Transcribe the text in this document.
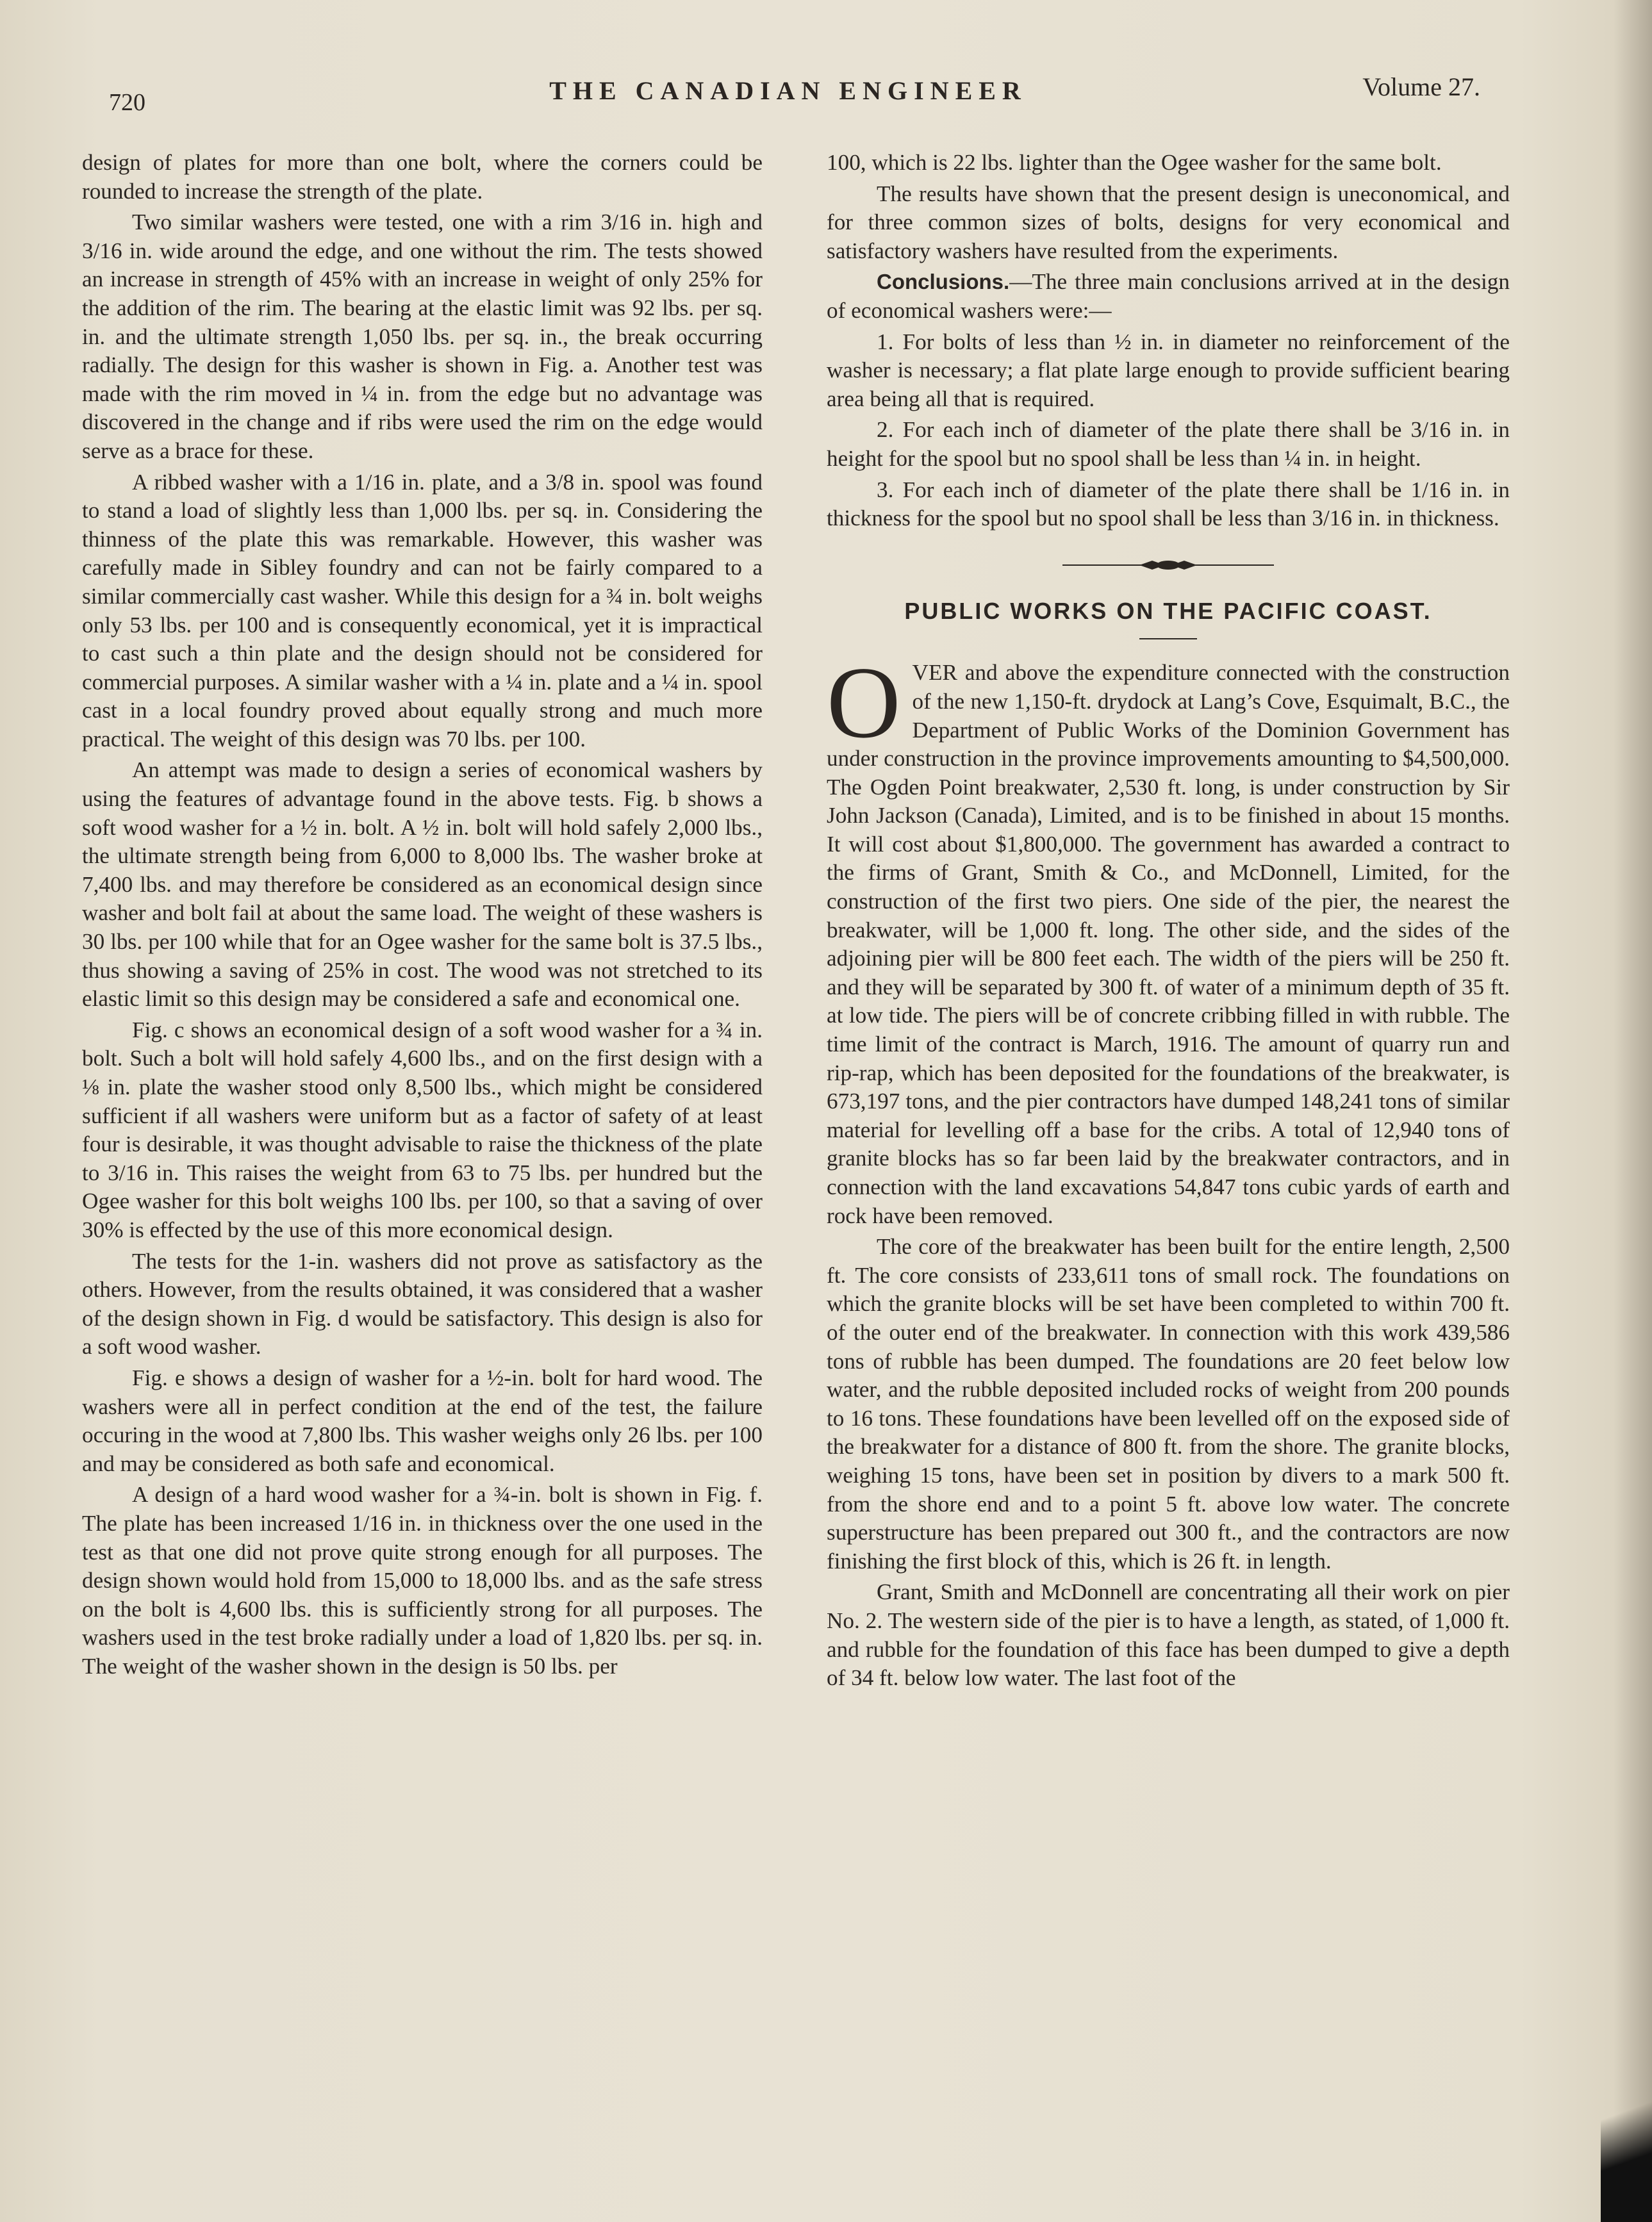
720	THE CANADIAN ENGINEER	Volume 27.

design of plates for more than one bolt, where the corners could be rounded to increase the strength of the plate.

Two similar washers were tested, one with a rim 3/16 in. high and 3/16 in. wide around the edge, and one without the rim. The tests showed an increase in strength of 45% with an increase in weight of only 25% for the addition of the rim. The bearing at the elastic limit was 92 lbs. per sq. in. and the ultimate strength 1,050 lbs. per sq. in., the break occurring radially. The design for this washer is shown in Fig. a. Another test was made with the rim moved in ¼ in. from the edge but no advantage was discovered in the change and if ribs were used the rim on the edge would serve as a brace for these.

A ribbed washer with a 1/16 in. plate, and a 3/8 in. spool was found to stand a load of slightly less than 1,000 lbs. per sq. in. Considering the thinness of the plate this was remarkable. However, this washer was carefully made in Sibley foundry and can not be fairly compared to a similar commercially cast washer. While this design for a ¾ in. bolt weighs only 53 lbs. per 100 and is consequently economical, yet it is impractical to cast such a thin plate and the design should not be considered for commercial purposes. A similar washer with a ¼ in. plate and a ¼ in. spool cast in a local foundry proved about equally strong and much more practical. The weight of this design was 70 lbs. per 100.

An attempt was made to design a series of economical washers by using the features of advantage found in the above tests. Fig. b shows a soft wood washer for a ½ in. bolt. A ½ in. bolt will hold safely 2,000 lbs., the ultimate strength being from 6,000 to 8,000 lbs. The washer broke at 7,400 lbs. and may therefore be considered as an economical design since washer and bolt fail at about the same load. The weight of these washers is 30 lbs. per 100 while that for an Ogee washer for the same bolt is 37.5 lbs., thus showing a saving of 25% in cost. The wood was not stretched to its elastic limit so this design may be considered a safe and economical one.

Fig. c shows an economical design of a soft wood washer for a ¾ in. bolt. Such a bolt will hold safely 4,600 lbs., and on the first design with a ⅛ in. plate the washer stood only 8,500 lbs., which might be considered sufficient if all washers were uniform but as a factor of safety of at least four is desirable, it was thought advisable to raise the thickness of the plate to 3/16 in. This raises the weight from 63 to 75 lbs. per hundred but the Ogee washer for this bolt weighs 100 lbs. per 100, so that a saving of over 30% is effected by the use of this more economical design.

The tests for the 1-in. washers did not prove as satisfactory as the others. However, from the results obtained, it was considered that a washer of the design shown in Fig. d would be satisfactory. This design is also for a soft wood washer.

Fig. e shows a design of washer for a ½-in. bolt for hard wood. The washers were all in perfect condition at the end of the test, the failure occuring in the wood at 7,800 lbs. This washer weighs only 26 lbs. per 100 and may be considered as both safe and economical.

A design of a hard wood washer for a ¾-in. bolt is shown in Fig. f. The plate has been increased 1/16 in. in thickness over the one used in the test as that one did not prove quite strong enough for all purposes. The design shown would hold from 15,000 to 18,000 lbs. and as the safe stress on the bolt is 4,600 lbs. this is sufficiently strong for all purposes. The washers used in the test broke radially under a load of 1,820 lbs. per sq. in. The weight of the washer shown in the design is 50 lbs. per

100, which is 22 lbs. lighter than the Ogee washer for the same bolt.

The results have shown that the present design is uneconomical, and for three common sizes of bolts, designs for very economical and satisfactory washers have resulted from the experiments.

Conclusions.—The three main conclusions arrived at in the design of economical washers were:—

1. For bolts of less than ½ in. in diameter no reinforcement of the washer is necessary; a flat plate large enough to provide sufficient bearing area being all that is required.

2. For each inch of diameter of the plate there shall be 3/16 in. in height for the spool but no spool shall be less than ¼ in. in height.

3. For each inch of diameter of the plate there shall be 1/16 in. in thickness for the spool but no spool shall be less than 3/16 in. in thickness.

PUBLIC WORKS ON THE PACIFIC COAST.

OVER and above the expenditure connected with the construction of the new 1,150-ft. drydock at Lang’s Cove, Esquimalt, B.C., the Department of Public Works of the Dominion Government has under construction in the province improvements amounting to $4,500,000. The Ogden Point breakwater, 2,530 ft. long, is under construction by Sir John Jackson (Canada), Limited, and is to be finished in about 15 months. It will cost about $1,800,000. The government has awarded a contract to the firms of Grant, Smith & Co., and McDonnell, Limited, for the construction of the first two piers. One side of the pier, the nearest the breakwater, will be 1,000 ft. long. The other side, and the sides of the adjoining pier will be 800 feet each. The width of the piers will be 250 ft. and they will be separated by 300 ft. of water of a minimum depth of 35 ft. at low tide. The piers will be of concrete cribbing filled in with rubble. The time limit of the contract is March, 1916. The amount of quarry run and rip-rap, which has been deposited for the foundations of the breakwater, is 673,197 tons, and the pier contractors have dumped 148,241 tons of similar material for levelling off a base for the cribs. A total of 12,940 tons of granite blocks has so far been laid by the breakwater contractors, and in connection with the land excavations 54,847 tons cubic yards of earth and rock have been removed.

The core of the breakwater has been built for the entire length, 2,500 ft. The core consists of 233,611 tons of small rock. The foundations on which the granite blocks will be set have been completed to within 700 ft. of the outer end of the breakwater. In connection with this work 439,586 tons of rubble has been dumped. The foundations are 20 feet below low water, and the rubble deposited included rocks of weight from 200 pounds to 16 tons. These foundations have been levelled off on the exposed side of the breakwater for a distance of 800 ft. from the shore. The granite blocks, weighing 15 tons, have been set in position by divers to a mark 500 ft. from the shore end and to a point 5 ft. above low water. The concrete superstructure has been prepared out 300 ft., and the contractors are now finishing the first block of this, which is 26 ft. in length.

Grant, Smith and McDonnell are concentrating all their work on pier No. 2. The western side of the pier is to have a length, as stated, of 1,000 ft. and rubble for the foundation of this face has been dumped to give a depth of 34 ft. below low water. The last foot of the
